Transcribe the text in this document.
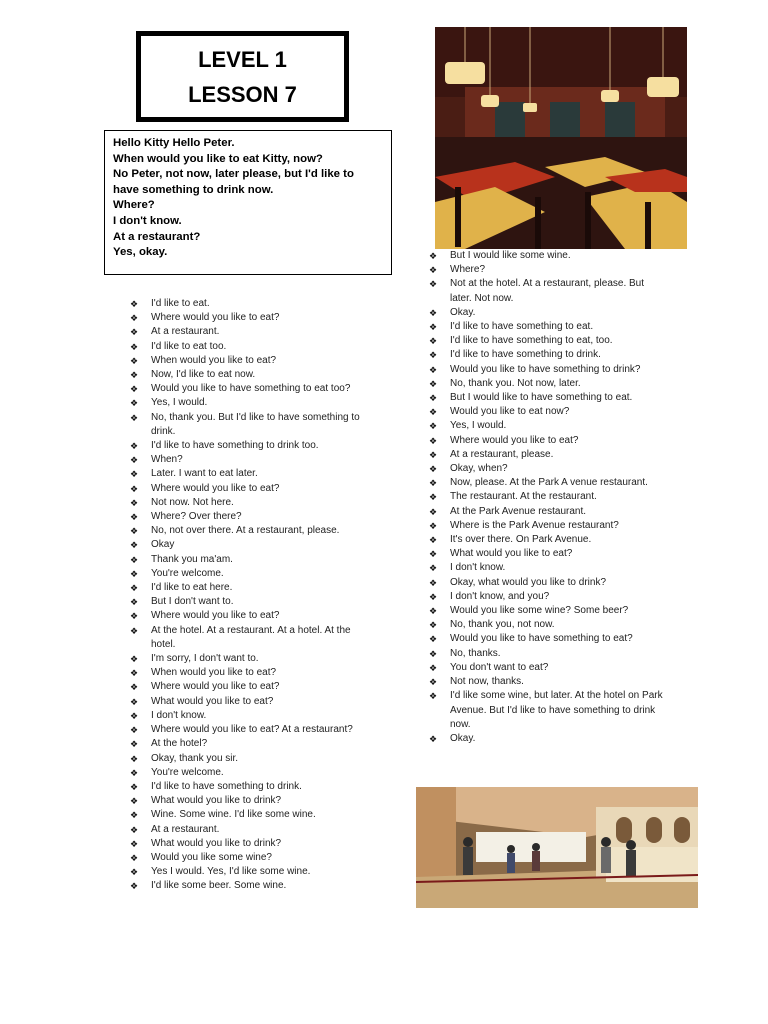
LEVEL 1
LESSON 7
Hello Kitty Hello Peter.
When would you like to eat Kitty, now?
No Peter, not now, later please, but I'd like to
have something to drink now.
Where?
I don't know.
At a restaurant?
Yes, okay.
❖ I'd like to eat.
❖ Where would you like to eat?
❖ At a restaurant.
❖ I'd like to eat too.
❖ When would you like to eat?
❖ Now, I'd like to eat now.
❖ Would you like to have something to eat too?
❖ Yes, I would.
❖ No, thank you. But I'd like to have something to drink.
❖ I'd like to have something to drink too.
❖ When?
❖ Later. I want to eat later.
❖ Where would you like to eat?
❖ Not now. Not here.
❖ Where? Over there?
❖ No, not over there. At a restaurant, please.
❖ Okay
❖ Thank you ma'am.
❖ You're welcome.
❖ I'd like to eat here.
❖ But I don't want to.
❖ Where would you like to eat?
❖ At the hotel. At a restaurant. At a hotel. At the hotel.
❖ I'm sorry, I don't want to.
❖ When would you like to eat?
❖ Where would you like to eat?
❖ What would you like to eat?
❖ I don't know.
❖ Where would you like to eat? At a restaurant?
❖ At the hotel?
❖ Okay, thank you sir.
❖ You're welcome.
❖ I'd like to have something to drink.
❖ What would you like to drink?
❖ Wine. Some wine. I'd like some wine.
❖ At a restaurant.
❖ What would you like to drink?
❖ Would you like some wine?
❖ Yes I would. Yes, I'd like some wine.
❖ I'd like some beer. Some wine.
❖ But I would like some wine.
❖ Where?
❖ Not at the hotel. At a restaurant, please. But later. Not now.
❖ Okay.
❖ I'd like to have something to eat.
❖ I'd like to have something to eat, too.
❖ I'd like to have something to drink.
❖ Would you like to have something to drink?
❖ No, thank you. Not now, later.
❖ But I would like to have something to eat.
❖ Would you like to eat now?
❖ Yes, I would.
❖ Where would you like to eat?
❖ At a restaurant, please.
❖ Okay, when?
❖ Now, please. At the Park A venue restaurant.
❖ The restaurant. At the restaurant.
❖ At the Park Avenue restaurant.
❖ Where is the Park Avenue restaurant?
❖ It's over there. On Park Avenue.
❖ What would you like to eat?
❖ I don't know.
❖ Okay, what would you like to drink?
❖ I don't know, and you?
❖ Would you like some wine? Some beer?
❖ No, thank you, not now.
❖ Would you like to have something to eat?
❖ No, thanks.
❖ You don't want to eat?
❖ Not now, thanks.
❖ I'd like some wine, but later. At the hotel on Park Avenue. But I'd like to have something to drink now.
❖ Okay.
